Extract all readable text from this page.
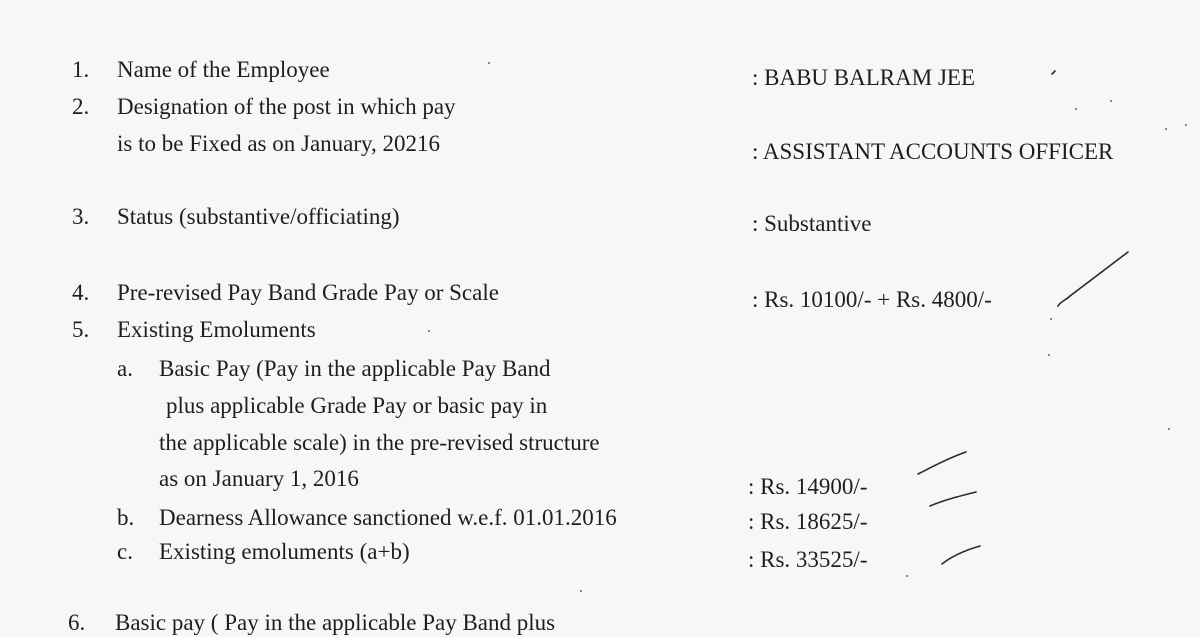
1. Name of the Employee	: BABU BALRAM JEE
2. Designation of the post in which pay
is to be Fixed as on January, 20216	: ASSISTANT ACCOUNTS OFFICER
3. Status (substantive/officiating)	: Substantive
4. Pre-revised Pay Band Grade Pay or Scale	: Rs. 10100/- + Rs. 4800/-
5. Existing Emoluments
a. Basic Pay (Pay in the applicable Pay Band
plus applicable Grade Pay or basic pay in
the applicable scale) in the pre-revised structure
as on January 1, 2016	: Rs. 14900/-
b. Dearness Allowance sanctioned w.e.f. 01.01.2016	: Rs. 18625/-
c. Existing emoluments (a+b)	: Rs. 33525/-
6. Basic pay ( Pay in the applicable Pay Band plus
